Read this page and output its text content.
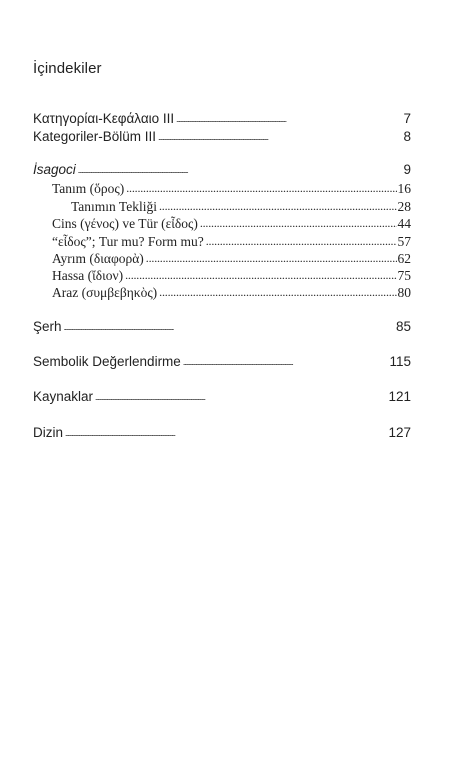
İçindekiler
Κατηγορίαι-Κεφάλαιο III . . .	7
Kategoriler-Bölüm III . . .	8
İsagoci . . .	9
Tanım (ὅρος) . . .	16
Tanımın Tekliği . . .	28
Cins (γένος) ve Tür (εἶδος) . . .	44
“εἶδος”; Tur mu? Form mu? . . .	57
Ayrım (διαφορὰ) . . .	62
Hassa (ἴδιον) . . .	75
Araz (συμβεβηκὸς) . . .	80
Şerh . . .	85
Sembolik Değerlendirme . . .	115
Kaynaklar . . .	121
Dizin . . .	127
